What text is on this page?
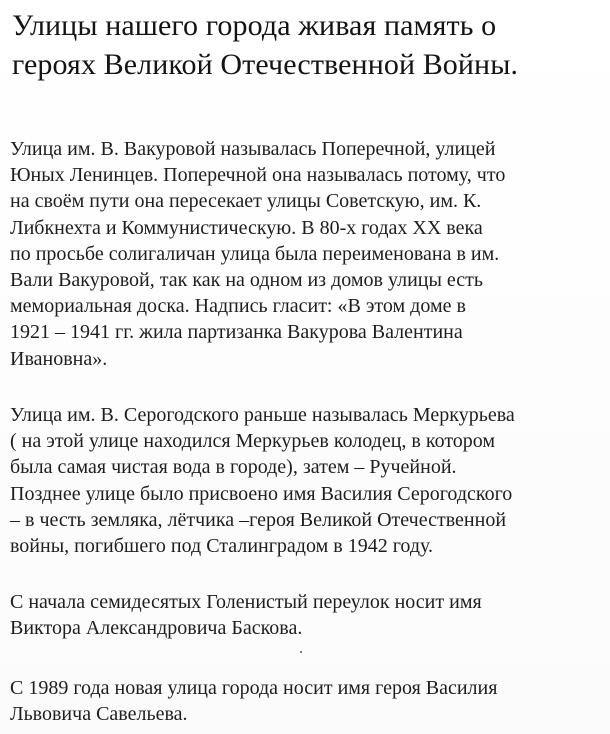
Улицы нашего города живая память о
героях Великой Отечественной Войны.

Улица им. В. Вакуровой называлась Поперечной, улицей
Юных Ленинцев. Поперечной она называлась потому, что
на своём пути она пересекает улицы Советскую, им. К.
Либкнехта и Коммунистическую. В 80-х годах XX века
по просьбе солигаличан улица была переименована в им.
Вали Вакуровой, так как на одном из домов улицы есть
мемориальная доска. Надпись гласит: «В этом доме в
1921 – 1941 гг. жила партизанка Вакурова Валентина
Ивановна».

Улица им. В. Серогодского раньше называлась Меркурьева
( на этой улице находился Меркурьев колодец, в котором
была самая чистая вода в городе), затем – Ручейной.
Позднее улице было присвоено имя Василия Серогодского
– в честь земляка, лётчика –героя Великой Отечественной
войны, погибшего под Сталинградом в 1942 году.

С начала семидесятых Голенистый переулок носит имя
Виктора Александровича Баскова.

С 1989 года новая улица города носит имя героя Василия
Львовича Савельева.
